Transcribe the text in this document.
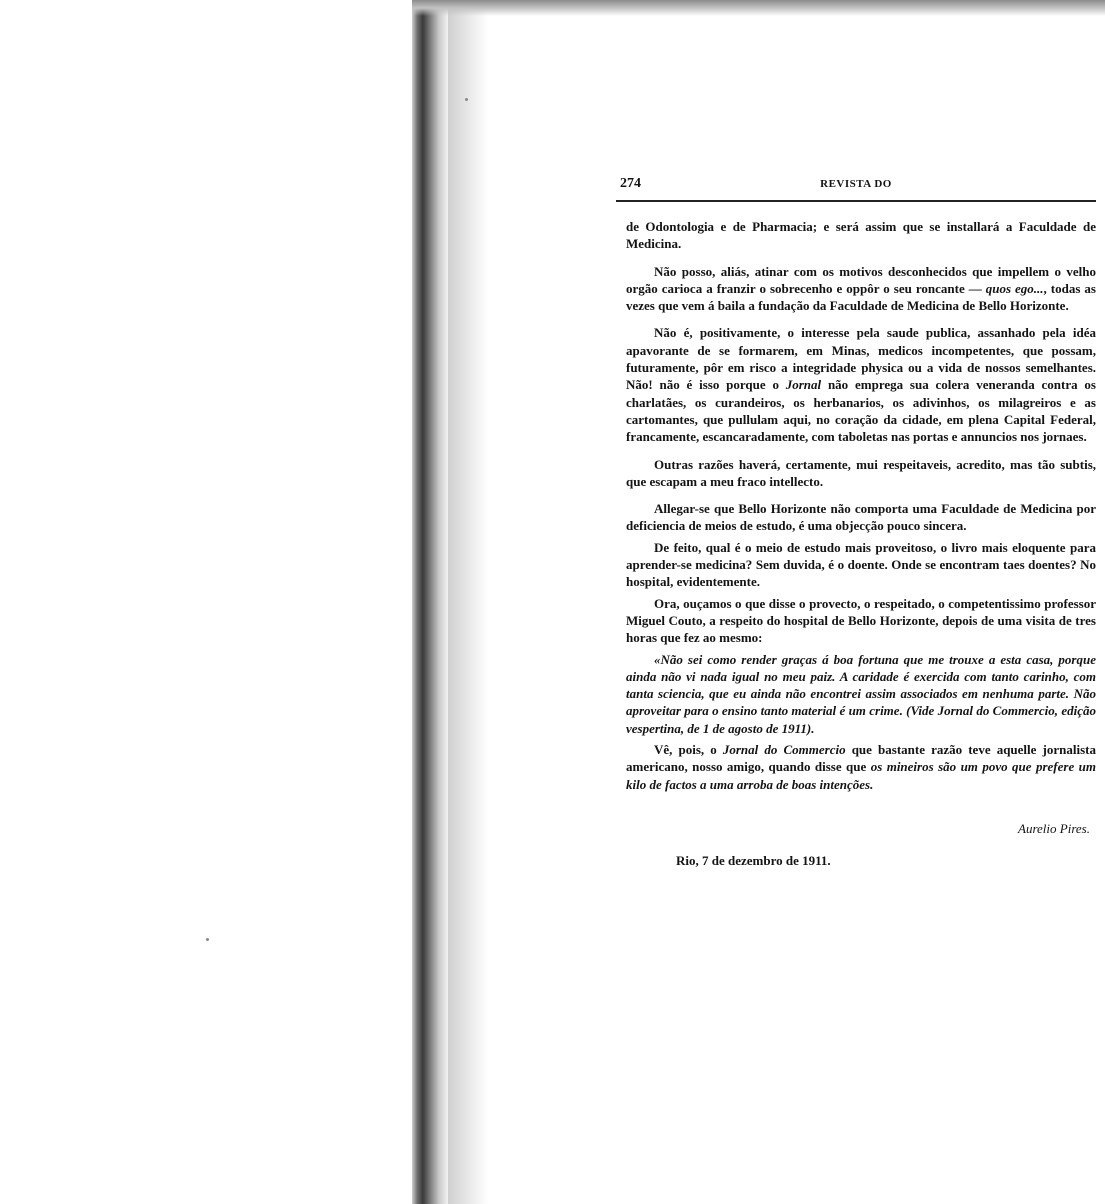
274	REVISTA DO

de Odontologia e de Pharmacia; e será assim que se installará a Faculdade de Medicina.

Não posso, aliás, atinar com os motivos desconhecidos que impellem o velho orgão carioca a franzir o sobrecenho e oppôr o seu roncante — quos ego..., todas as vezes que vem á baila a fundação da Faculdade de Medicina de Bello Horizonte.

Não é, positivamente, o interesse pela saude publica, assanhado pela idéa apavorante de se formarem, em Minas, medicos incompetentes, que possam, futuramente, pôr em risco a integridade physica ou a vida de nossos semelhantes. Não! não é isso porque o Jornal não emprega sua colera veneranda contra os charlatães, os curandeiros, os herbanarios, os adivinhos, os milagreiros e as cartomantes, que pullulam aqui, no coração da cidade, em plena Capital Federal, francamente, escancaradamente, com taboletas nas portas e annuncios nos jornaes.

Outras razões haverá, certamente, mui respeitaveis, acredito, mas tão subtis, que escapam a meu fraco intellecto.

Allegar-se que Bello Horizonte não comporta uma Faculdade de Medicina por deficiencia de meios de estudo, é uma objecção pouco sincera.

De feito, qual é o meio de estudo mais proveitoso, o livro mais eloquente para aprender-se medicina? Sem duvida, é o doente. Onde se encontram taes doentes? No hospital, evidentemente.

Ora, ouçamos o que disse o provecto, o respeitado, o competentissimo professor Miguel Couto, a respeito do hospital de Bello Horizonte, depois de uma visita de tres horas que fez ao mesmo:

«Não sei como render graças á boa fortuna que me trouxe a esta casa, porque ainda não vi nada igual no meu paiz. A caridade é exercida com tanto carinho, com tanta sciencia, que eu ainda não encontrei assim associados em nenhuma parte. Não aproveitar para o ensino tanto material é um crime. (Vide Jornal do Commercio, edição vespertina, de 1 de agosto de 1911).

Vê, pois, o Jornal do Commercio que bastante razão teve aquelle jornalista americano, nosso amigo, quando disse que os mineiros são um povo que prefere um kilo de factos a uma arroba de boas intenções.

Aurelio Pires.
Rio, 7 de dezembro de 1911.
